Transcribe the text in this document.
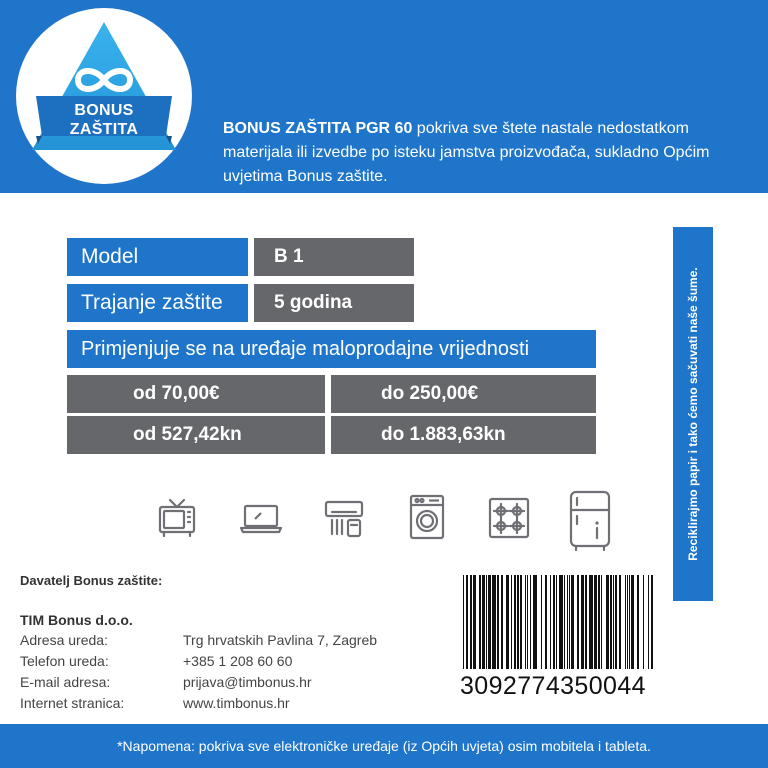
BONUS
ZAŠTITA	BONUS ZAŠTITA PGR 60 pokriva sve štete nastale nedostatkom materijala ili izvedbe po isteku jamstva proizvođača, sukladno Općim uvjetima Bonus zaštite.
Model	B 1
Trajanje zaštite	5 godina
Primjenjuje se na uređaje maloprodajne vrijednosti
od 70,00€	do 250,00€
od 527,42kn	do 1.883,63kn	Reciklirajmo papir i tako ćemo sačuvati naše šume.
Davatelj Bonus zaštite:
TIM Bonus d.o.o.
Adresa ureda:	Trg hrvatskih Pavlina 7, Zagreb
Telefon ureda:	+385 1 208 60 60
E-mail adresa:	prijava@timbonus.hr
Internet stranica:	www.timbonus.hr
3092774350044
*Napomena: pokriva sve elektroničke uređaje (iz Općih uvjeta) osim mobitela i tableta.
